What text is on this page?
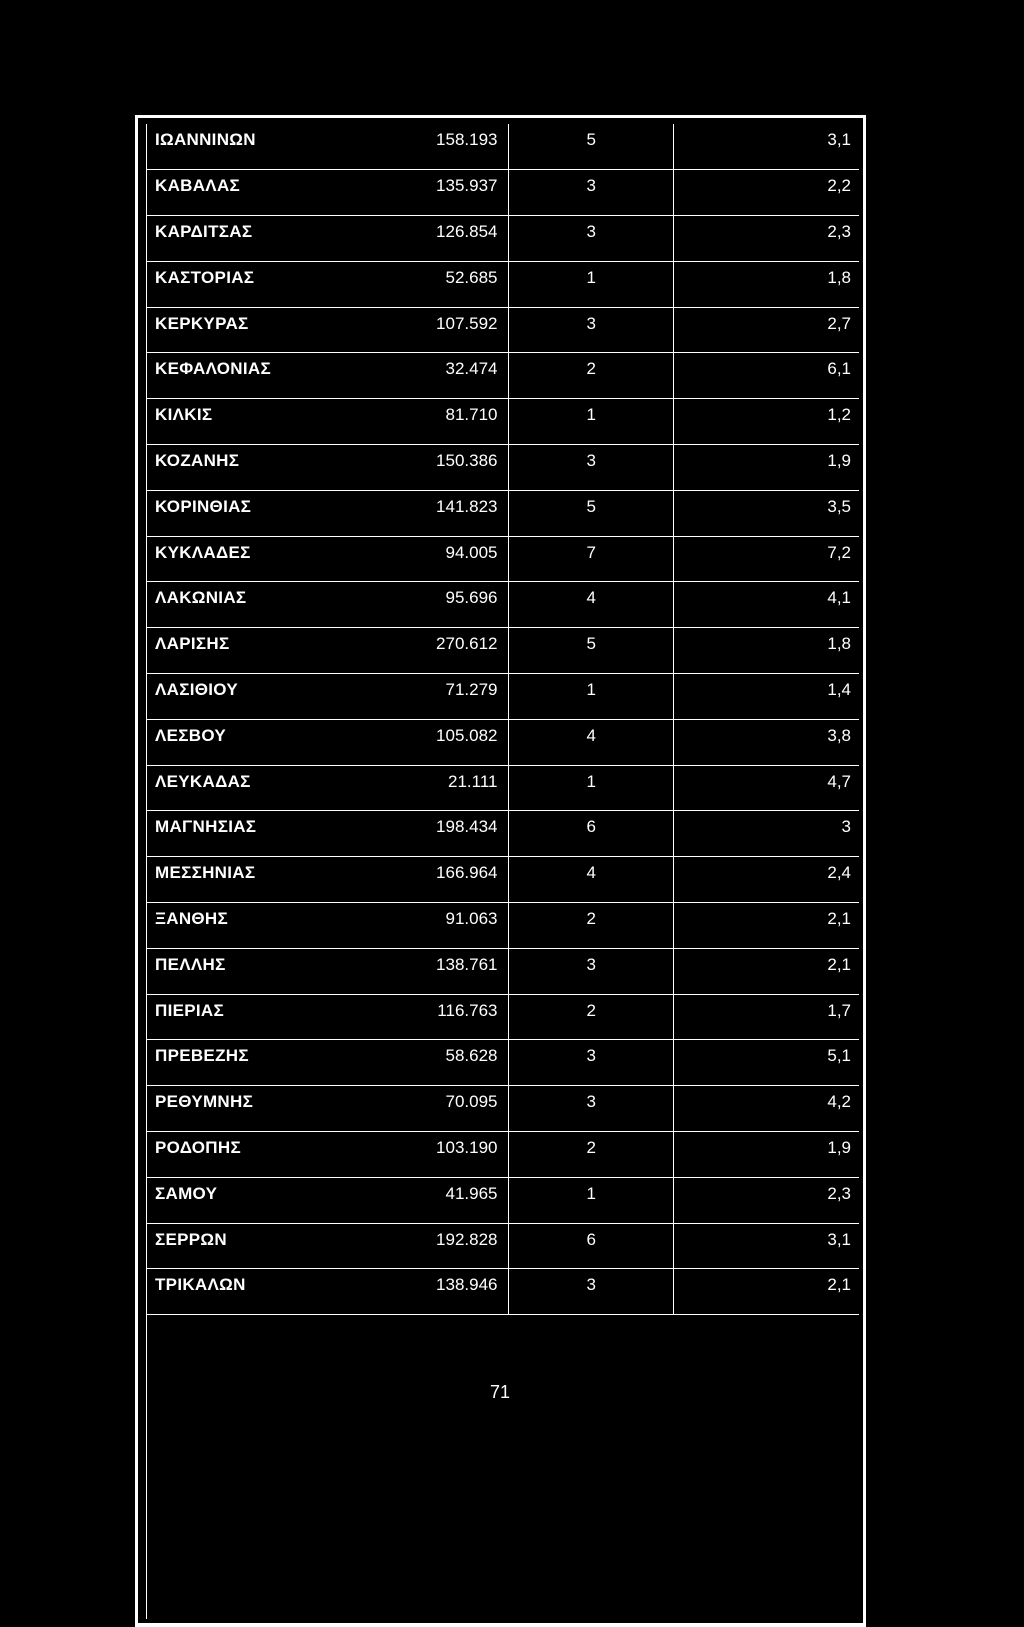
ΙΩΑΝΝΙΝΩΝ	158.193	5	3,1
ΚΑΒΑΛΑΣ	135.937	3	2,2
ΚΑΡΔΙΤΣΑΣ	126.854	3	2,3
ΚΑΣΤΟΡΙΑΣ	52.685	1	1,8
ΚΕΡΚΥΡΑΣ	107.592	3	2,7
ΚΕΦΑΛΟΝΙΑΣ	32.474	2	6,1
ΚΙΛΚΙΣ	81.710	1	1,2
ΚΟΖΑΝΗΣ	150.386	3	1,9
ΚΟΡΙΝΘΙΑΣ	141.823	5	3,5
ΚΥΚΛΑΔΕΣ	94.005	7	7,2
ΛΑΚΩΝΙΑΣ	95.696	4	4,1
ΛΑΡΙΣΗΣ	270.612	5	1,8
ΛΑΣΙΘΙΟΥ	71.279	1	1,4
ΛΕΣΒΟΥ	105.082	4	3,8
ΛΕΥΚΑΔΑΣ	21.111	1	4,7
ΜΑΓΝΗΣΙΑΣ	198.434	6	3
ΜΕΣΣΗΝΙΑΣ	166.964	4	2,4
ΞΑΝΘΗΣ	91.063	2	2,1
ΠΕΛΛΗΣ	138.761	3	2,1
ΠΙΕΡΙΑΣ	116.763	2	1,7
ΠΡΕΒΕΖΗΣ	58.628	3	5,1
ΡΕΘΥΜΝΗΣ	70.095	3	4,2
ΡΟΔΟΠΗΣ	103.190	2	1,9
ΣΑΜΟΥ	41.965	1	2,3
ΣΕΡΡΩΝ	192.828	6	3,1
ΤΡΙΚΑΛΩΝ	138.946	3	2,1
71
